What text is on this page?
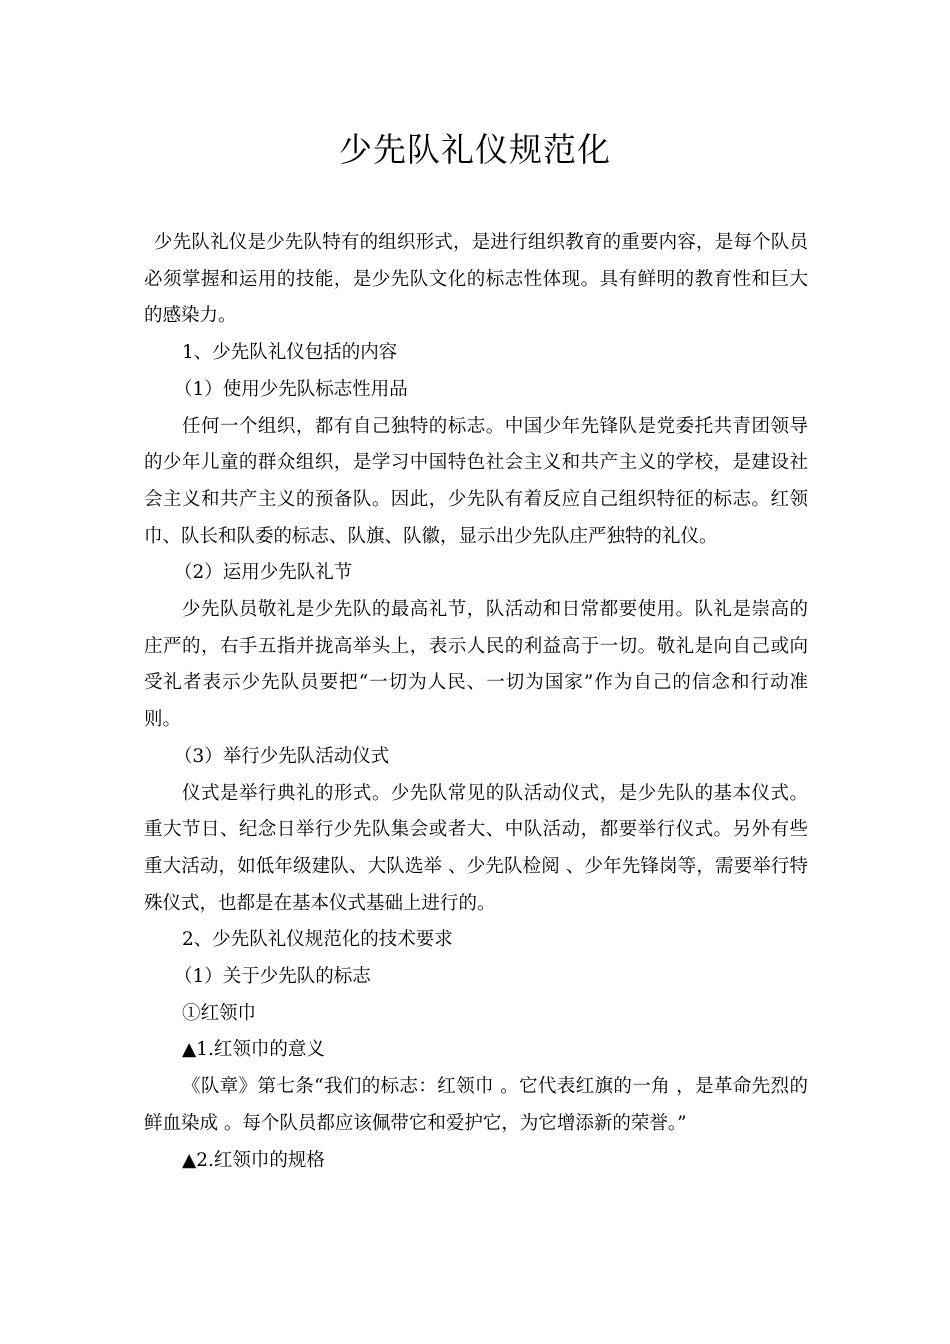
少先队礼仪规范化

少先队礼仪是少先队特有的组织形式，是进行组织教育的重要内容，是每个队员必须掌握和运用的技能，是少先队文化的标志性体现。具有鲜明的教育性和巨大的感染力。

1、少先队礼仪包括的内容

（1）使用少先队标志性用品

任何一个组织，都有自己独特的标志。中国少年先锋队是党委托共青团领导的少年儿童的群众组织，是学习中国特色社会主义和共产主义的学校，是建设社会主义和共产主义的预备队。因此，少先队有着反应自己组织特征的标志。红领巾、队长和队委的标志、队旗、队徽，显示出少先队庄严独特的礼仪。

（2）运用少先队礼节

少先队员敬礼是少先队的最高礼节，队活动和日常都要使用。队礼是崇高的庄严的，右手五指并拢高举头上，表示人民的利益高于一切。敬礼是向自己或向受礼者表示少先队员要把“一切为人民、一切为国家”作为自己的信念和行动准则。

（3）举行少先队活动仪式

仪式是举行典礼的形式。少先队常见的队活动仪式，是少先队的基本仪式。重大节日、纪念日举行少先队集会或者大、中队活动，都要举行仪式。另外有些重大活动，如低年级建队、大队选举 、少先队检阅 、少年先锋岗等，需要举行特殊仪式，也都是在基本仪式基础上进行的。

2、少先队礼仪规范化的技术要求

（1）关于少先队的标志

①红领巾

▲1.红领巾的意义

《队章》第七条“我们的标志：红领巾 。它代表红旗的一角 ，是革命先烈的鲜血染成 。每个队员都应该佩带它和爱护它，为它增添新的荣誉。”

▲2.红领巾的规格
